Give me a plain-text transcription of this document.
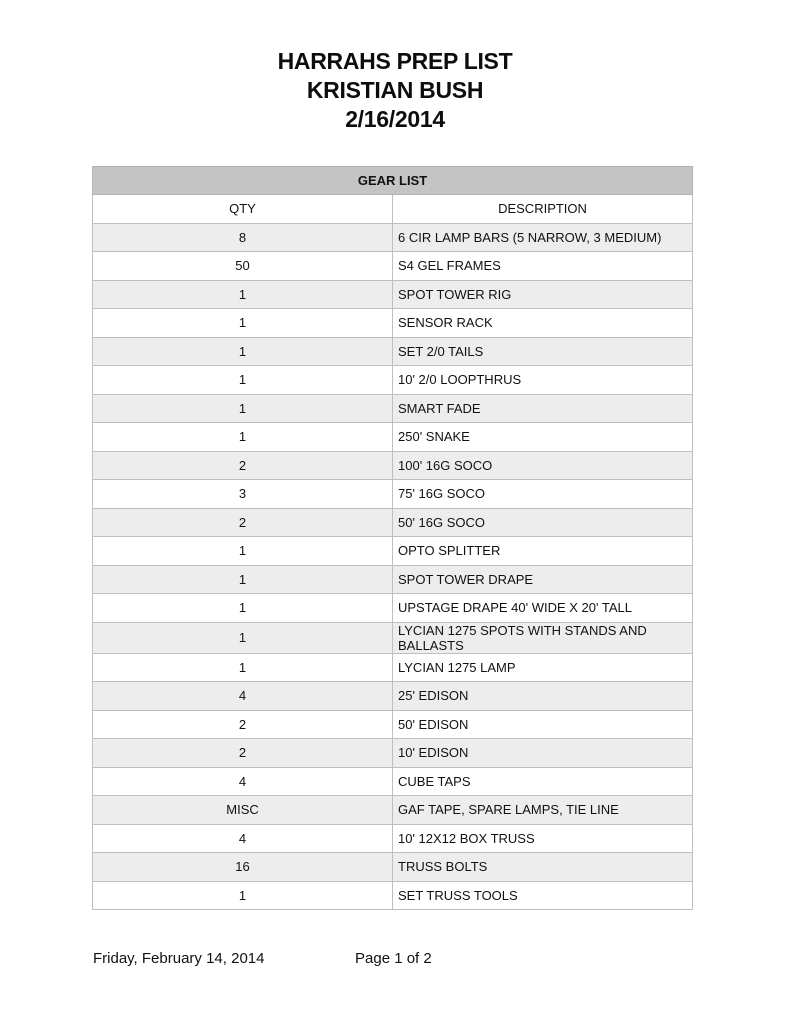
HARRAHS PREP LIST
KRISTIAN BUSH
2/16/2014
GEAR LIST	
QTY	DESCRIPTION
8	6 CIR LAMP BARS (5 NARROW, 3 MEDIUM)
50	S4 GEL FRAMES
1	SPOT TOWER RIG
1	SENSOR RACK
1	SET 2/0 TAILS
1	10' 2/0 LOOPTHRUS
1	SMART FADE
1	250' SNAKE
2	100' 16G SOCO
3	75' 16G SOCO
2	50' 16G SOCO
1	OPTO SPLITTER
1	SPOT TOWER DRAPE
1	UPSTAGE DRAPE 40' WIDE X 20' TALL
1	LYCIAN 1275 SPOTS WITH STANDS AND BALLASTS
1	LYCIAN 1275 LAMP
4	25' EDISON
2	50' EDISON
2	10' EDISON
4	CUBE TAPS
MISC	GAF TAPE, SPARE LAMPS, TIE LINE
4	10' 12X12 BOX TRUSS
16	TRUSS BOLTS
1	SET TRUSS TOOLS
Friday, February 14, 2014	Page 1 of 2
